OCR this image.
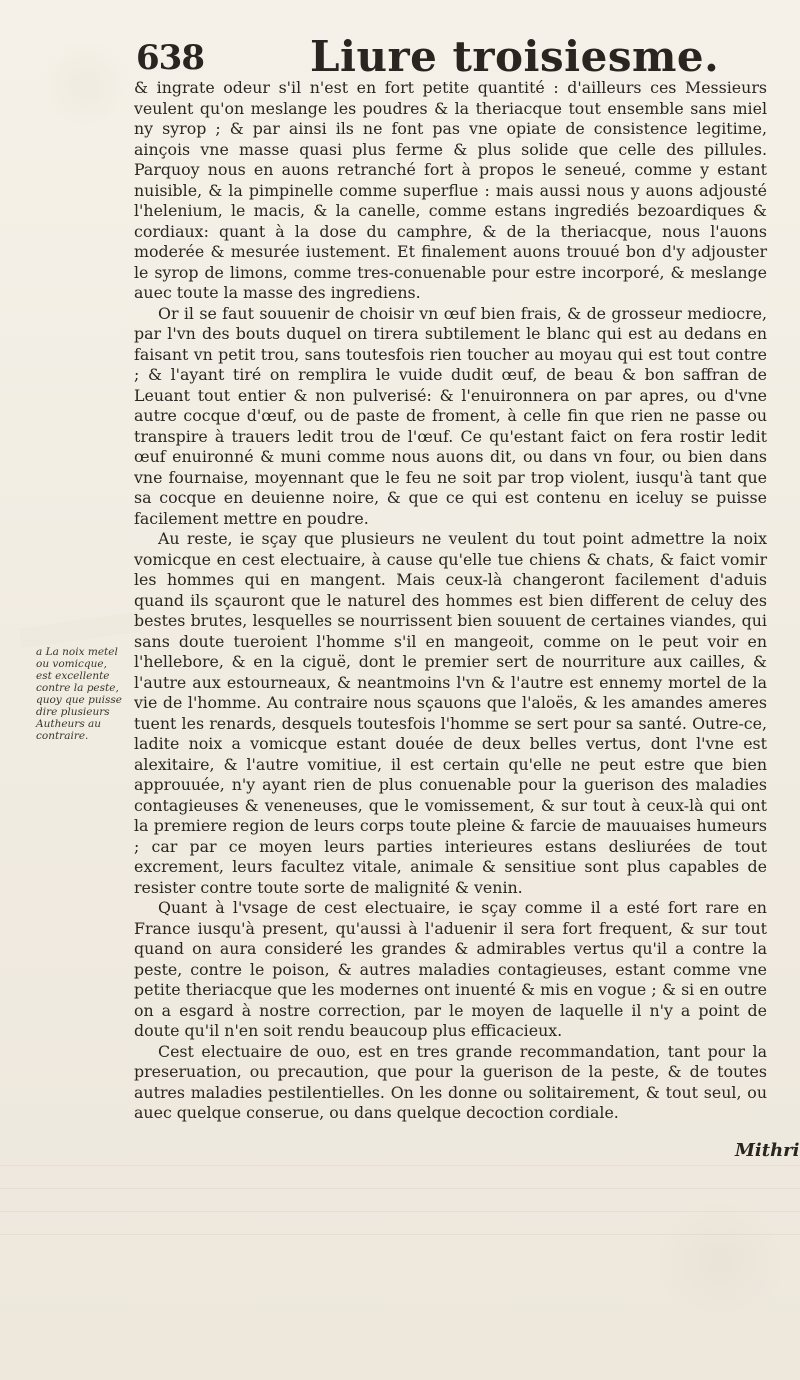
638	Liure troisiesme.

& ingrate odeur s'il n'est en fort petite quantité : d'ailleurs ces Messieurs veulent qu'on meslange les poudres & la theriacque tout ensemble sans miel ny syrop ; & par ainsi ils ne font pas vne opiate de consistence legitime, ainçois vne masse quasi plus ferme & plus solide que celle des pillules. Parquoy nous en auons retranché fort à propos le seneué, comme y estant nuisible, & la pimpinelle comme superflue : mais aussi nous y auons adjousté l'helenium, le macis, & la canelle, comme estans ingrediés bezoardiques & cordiaux: quant à la dose du camphre, & de la theriacque, nous l'auons moderée & mesurée iustement. Et finalement auons trouué bon d'y adjouster le syrop de limons, comme tres-conuenable pour estre incorporé, & meslange auec toute la masse des ingrediens.

Or il se faut souuenir de choisir vn œuf bien frais, & de grosseur mediocre, par l'vn des bouts duquel on tirera subtilement le blanc qui est au dedans en faisant vn petit trou, sans toutesfois rien toucher au moyau qui est tout contre ; & l'ayant tiré on remplira le vuide dudit œuf, de beau & bon saffran de Leuant tout entier & non pulverisé: & l'enuironnera on par apres, ou d'vne autre cocque d'œuf, ou de paste de froment, à celle fin que rien ne passe ou transpire à trauers ledit trou de l'œuf. Ce qu'estant faict on fera rostir ledit œuf enuironné & muni comme nous auons dit, ou dans vn four, ou bien dans vne fournaise, moyennant que le feu ne soit par trop violent, iusqu'à tant que sa cocque en deuienne noire, & que ce qui est contenu en iceluy se puisse facilement mettre en poudre.

Au reste, ie sçay que plusieurs ne veulent du tout point admettre la noix vomicque en cest electuaire, à cause qu'elle tue chiens & chats, & faict vomir les hommes qui en mangent. Mais ceux-là changeront facilement d'aduis quand ils sçauront que le naturel des hommes est bien different de celuy des bestes brutes, lesquelles se nourrissent bien souuent de certaines viandes, qui sans doute tueroient l'homme s'il en mangeoit, comme on le peut voir en l'hellebore, & en la ciguë, dont le premier sert de nourriture aux cailles, & l'autre aux estourneaux, & neantmoins l'vn & l'autre est ennemy mortel de la vie de l'homme. Au contraire nous sçauons que l'aloës, & les amandes ameres tuent les renards, desquels toutesfois l'homme se sert pour sa santé. Outre-ce, ladite noix a vomicque estant douée de deux belles vertus, dont l'vne est alexitaire, & l'autre vomitiue, il est certain qu'elle ne peut estre que bien approuuée, n'y ayant rien de plus conuenable pour la guerison des maladies contagieuses & veneneuses, que le vomissement, & sur tout à ceux-là qui ont la premiere region de leurs corps toute pleine & farcie de mauuaises humeurs ; car par ce moyen leurs parties interieures estans desliurées de tout excrement, leurs facultez vitale, animale & sensitiue sont plus capables de resister contre toute sorte de malignité & venin.

Quant à l'vsage de cest electuaire, ie sçay comme il a esté fort rare en France iusqu'à present, qu'aussi à l'aduenir il sera fort frequent, & sur tout quand on aura consideré les grandes & admirables vertus qu'il a contre la peste, contre le poison, & autres maladies contagieuses, estant comme vne petite theriacque que les modernes ont inuenté & mis en vogue ; & si en outre on a esgard à nostre correction, par le moyen de laquelle il n'y a point de doute qu'il n'en soit rendu beaucoup plus efficacieux.

Cest electuaire de ouo, est en tres grande recommandation, tant pour la preseruation, ou precaution, que pour la guerison de la peste, & de toutes autres maladies pestilentielles. On les donne ou solitairement, & tout seul, ou auec quelque conserue, ou dans quelque decoction cordiale.

a La noix metel ou vomicque, est excellente contre la peste, quoy que puisse dire plusieurs Autheurs au contraire.
Mithri
